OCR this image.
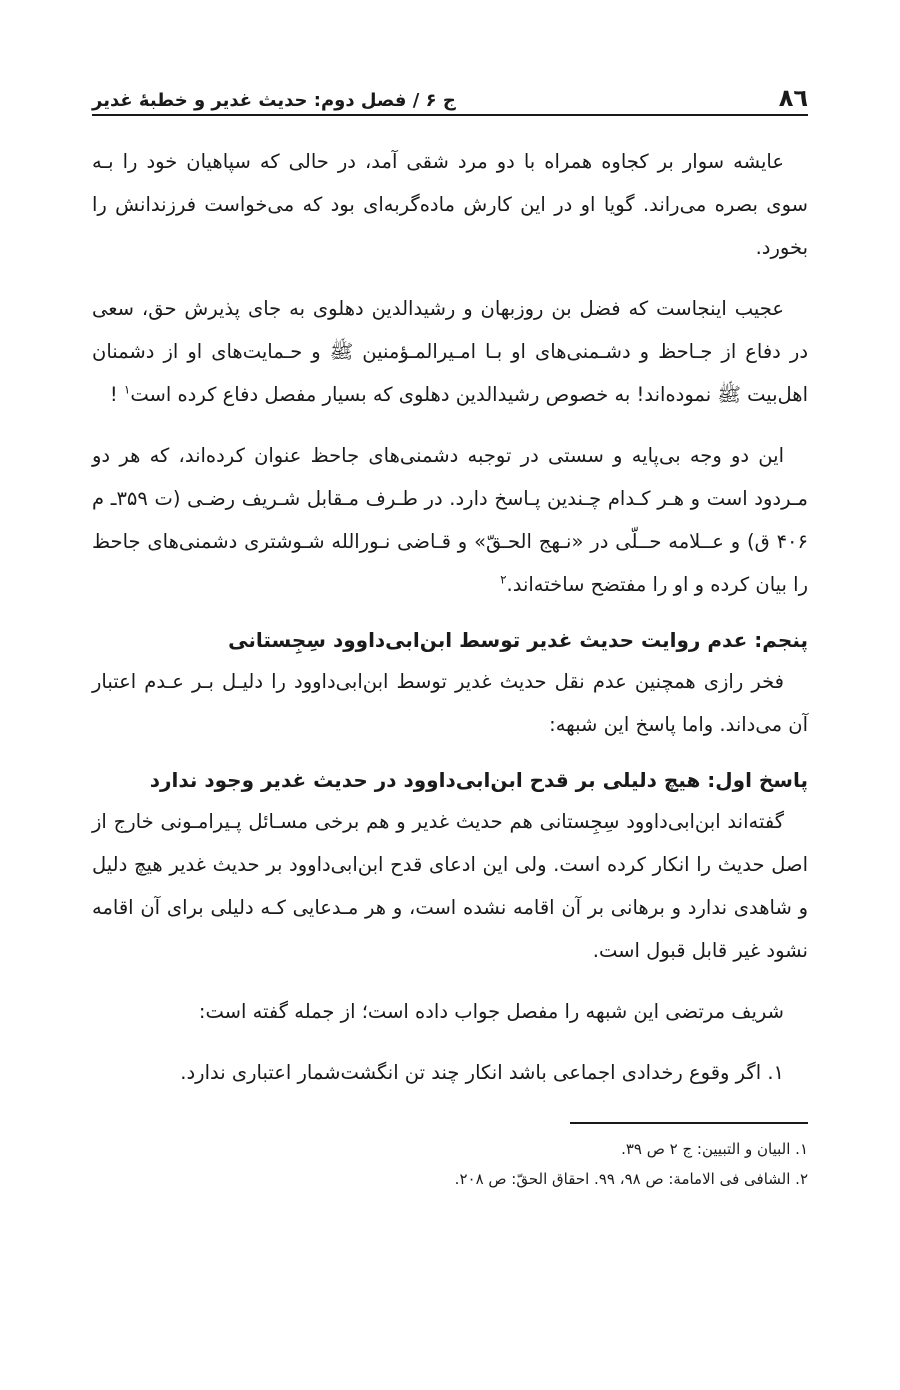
٨٦
ج ۶ / فصل دوم: حديث غدير و خطبۀ غدير

عايشه سوار بر كجاوه همراه با دو مرد شقی آمد، در حالی كه سپاهيان خود را بـه سوی بصره می‌راند. گويا او در اين كارش ماده‌گربه‌ای بود كه می‌خواست فرزندانش را بخورد.

عجيب اينجاست كه فضل بن روزبهان و رشيدالدين دهلوی به جای پذيرش حق، سعی در دفاع از جـاحظ و دشـمنی‌های او بـا امـيرالمـؤمنين ﷺ و حـمايت‌های او از دشمنان اهل‌بيت ﷺ نموده‌اند! به خصوص رشيدالدين دهلوی كه بسيار مفصل دفاع كرده است$^١$ !

اين دو وجه بی‌پايه و سستی در توجبه دشمنی‌های جاحظ عنوان كرده‌اند، كه هر دو مـردود است و هـر كـدام چـندين پـاسخ دارد. در طـرف مـقابل شـريف رضـی (ت ٣۵٩ـ م ۴٠۶ ق) و عــلامه حــلّی در «نـهج الحـقّ» و قـاضی نـورالله شـوشتری دشمنی‌های جاحظ را بيان كرده و او را مفتضح ساخته‌اند.$^٢$

پنجم: عدم روايت حديث غدير توسط ابن‌ابی‌داوود سِجِستانی

فخر رازی همچنين عدم نقل حديث غدير توسط ابن‌ابی‌داوود را دليـل بـر عـدم اعتبار آن می‌داند. واما پاسخ اين شبهه:

پاسخ اول: هيچ دليلی بر قدح ابن‌ابی‌داوود در حديث غدير وجود ندارد

گفته‌اند ابن‌ابی‌داوود سِجِستانی هم حديث غدير و هم برخی مسـائل پـيرامـونی خارج از اصل حديث را انكار كرده است. ولی اين ادعای قدح ابن‌ابی‌داوود بر حديث غدير هيچ دليل و شاهدی ندارد و برهانی بر آن اقامه نشده است، و هر مـدعايی كـه دليلی برای آن اقامه نشود غير قابل قبول است.

شريف مرتضی اين شبهه را مفصل جواب داده است؛ از جمله گفته است:

١. اگر وقوع رخدادی اجماعی باشد انكار چند تن انگشت‌شمار اعتباری ندارد.

١. البيان و التبيين: ج ٢ ص ٣٩.
٢. الشافی فی الامامة: ص ٩٨، ٩٩. احقاق الحقّ: ص ٢٠٨.
